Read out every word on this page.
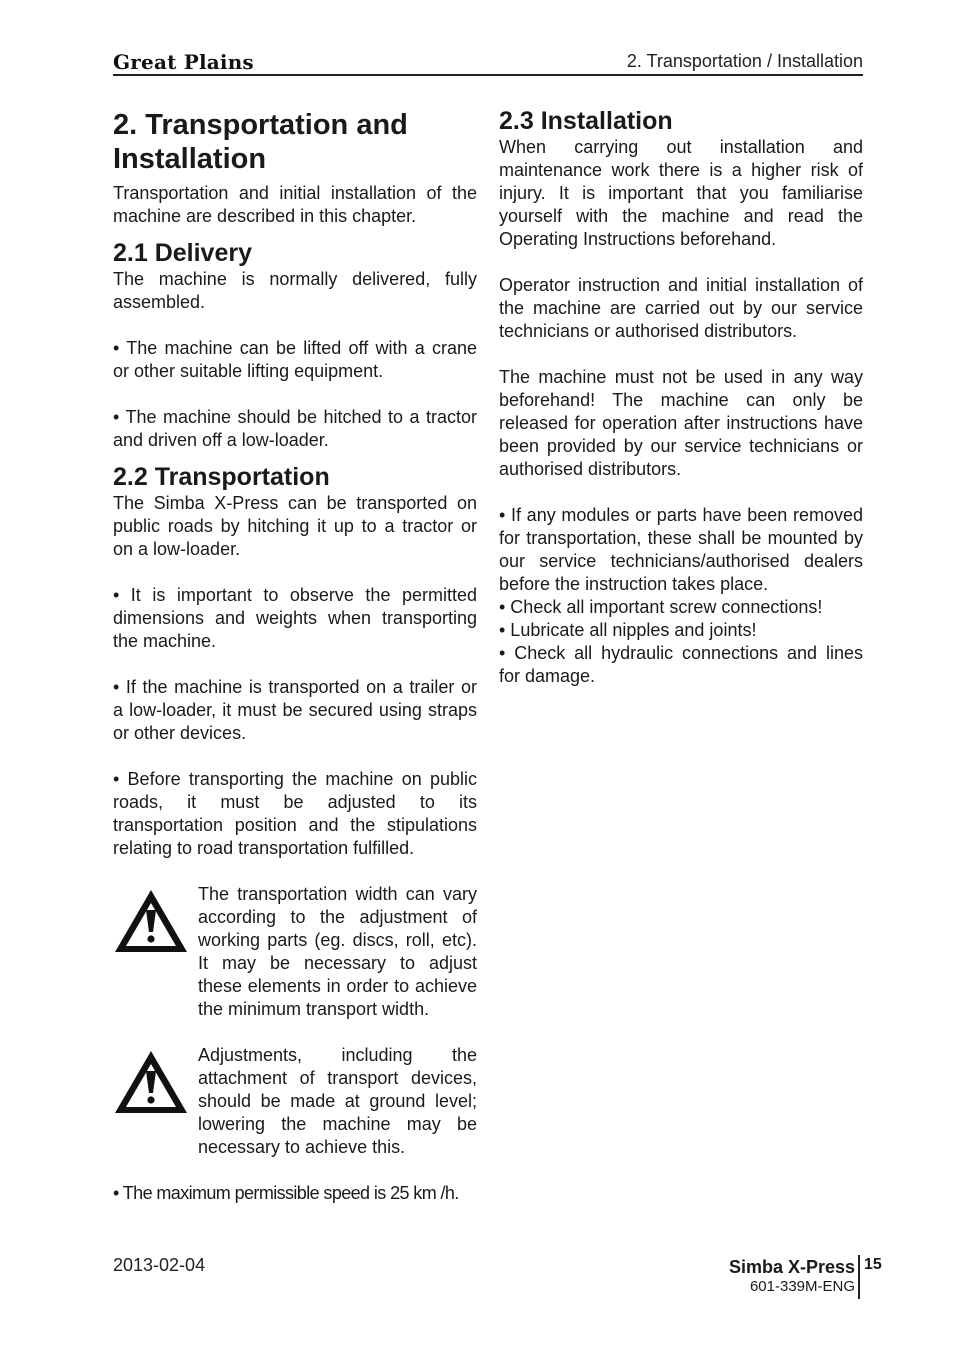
Great Plains	2. Transportation / Installation
2. Transportation and Installation

Transportation and initial installation of the machine are described in this chapter.

2.1 Delivery

The machine is normally delivered, fully assembled.

• The machine can be lifted off with a crane or other suitable lifting equipment.

• The machine should be hitched to a tractor and driven off a low-loader.

2.2 Transportation

The Simba X-Press can be transported on public roads by hitching it up to a tractor or on a low-loader.

• It is important to observe the permitted dimensions and weights when transporting the machine.

• If the machine is transported on a trailer or a low-loader, it must be secured using straps or other devices.

• Before transporting the machine on public roads, it must be adjusted to its transportation position and the stipulations relating to road transportation fulfilled.

The transportation width can vary according to the adjustment of working parts (eg. discs, roll, etc). It may be necessary to adjust these elements in order to achieve the minimum transport width.
Adjustments, including the attachment of transport devices, should be made at ground level; lowering the machine may be necessary to achieve this.
• The maximum permissible speed is 25 km /h.
2.3 Installation

When carrying out installation and maintenance work there is a higher risk of injury. It is important that you familiarise yourself with the machine and read the Operating Instructions beforehand.

Operator instruction and initial installation of the machine are carried out by our service technicians or authorised distributors.

The machine must not be used in any way beforehand! The machine can only be released for operation after instructions have been provided by our service technicians or authorised distributors.

• If any modules or parts have been removed for transportation, these shall be mounted by our service technicians/authorised dealers before the instruction takes place.

• Check all important screw connections!

• Lubricate all nipples and joints!

• Check all hydraulic connections and lines for damage.

2013-02-04	Simba X-Press
601-339M-ENG
15
